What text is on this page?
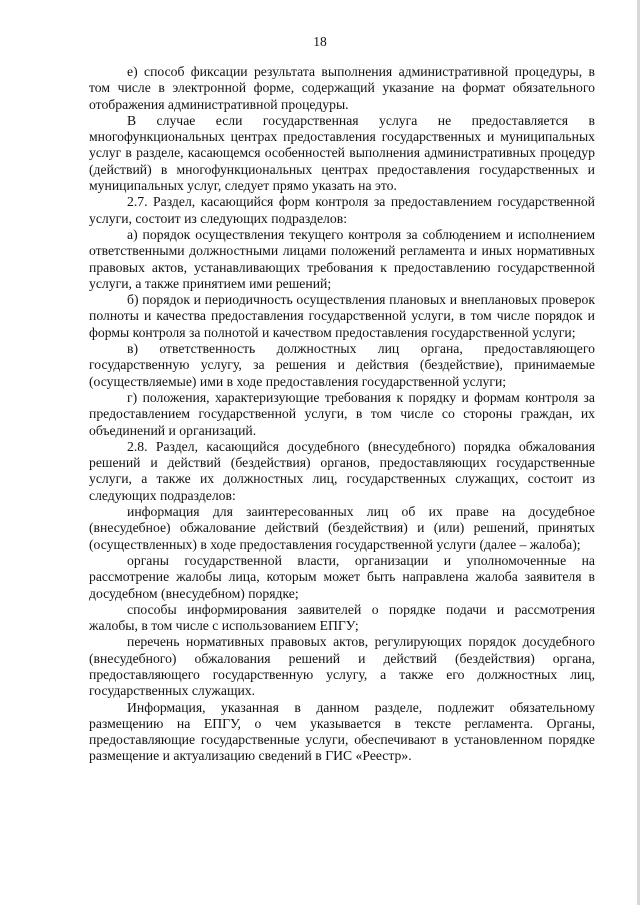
18

е) способ фиксации результата выполнения административной процедуры, в том числе в электронной форме, содержащий указание на формат обязательного отображения административной процедуры.

В случае если государственная услуга не предоставляется в многофункциональных центрах предоставления государственных и муниципальных услуг в разделе, касающемся особенностей выполнения административных процедур (действий) в многофункциональных центрах предоставления государственных и муниципальных услуг, следует прямо указать на это.

2.7. Раздел, касающийся форм контроля за предоставлением государственной услуги, состоит из следующих подразделов:

а) порядок осуществления текущего контроля за соблюдением и исполнением ответственными должностными лицами положений регламента и иных нормативных правовых актов, устанавливающих требования к предоставлению государственной услуги, а также принятием ими решений;

б) порядок и периодичность осуществления плановых и внеплановых проверок полноты и качества предоставления государственной услуги, в том числе порядок и формы контроля за полнотой и качеством предоставления государственной услуги;

в) ответственность должностных лиц органа, предоставляющего государственную услугу, за решения и действия (бездействие), принимаемые (осуществляемые) ими в ходе предоставления государственной услуги;

г) положения, характеризующие требования к порядку и формам контроля за предоставлением государственной услуги, в том числе со стороны граждан, их объединений и организаций.

2.8. Раздел, касающийся досудебного (внесудебного) порядка обжалования решений и действий (бездействия) органов, предоставляющих государственные услуги, а также их должностных лиц, государственных служащих, состоит из следующих подразделов:

информация для заинтересованных лиц об их праве на досудебное (внесудебное) обжалование действий (бездействия) и (или) решений, принятых (осуществленных) в ходе предоставления государственной услуги (далее – жалоба);

органы государственной власти, организации и уполномоченные на рассмотрение жалобы лица, которым может быть направлена жалоба заявителя в досудебном (внесудебном) порядке;

способы информирования заявителей о порядке подачи и рассмотрения жалобы, в том числе с использованием ЕПГУ;

перечень нормативных правовых актов, регулирующих порядок досудебного (внесудебного) обжалования решений и действий (бездействия) органа, предоставляющего государственную услугу, а также его должностных лиц, государственных служащих.

Информация, указанная в данном разделе, подлежит обязательному размещению на ЕПГУ, о чем указывается в тексте регламента. Органы, предоставляющие государственные услуги, обеспечивают в установленном порядке размещение и актуализацию сведений в ГИС «Реестр».
